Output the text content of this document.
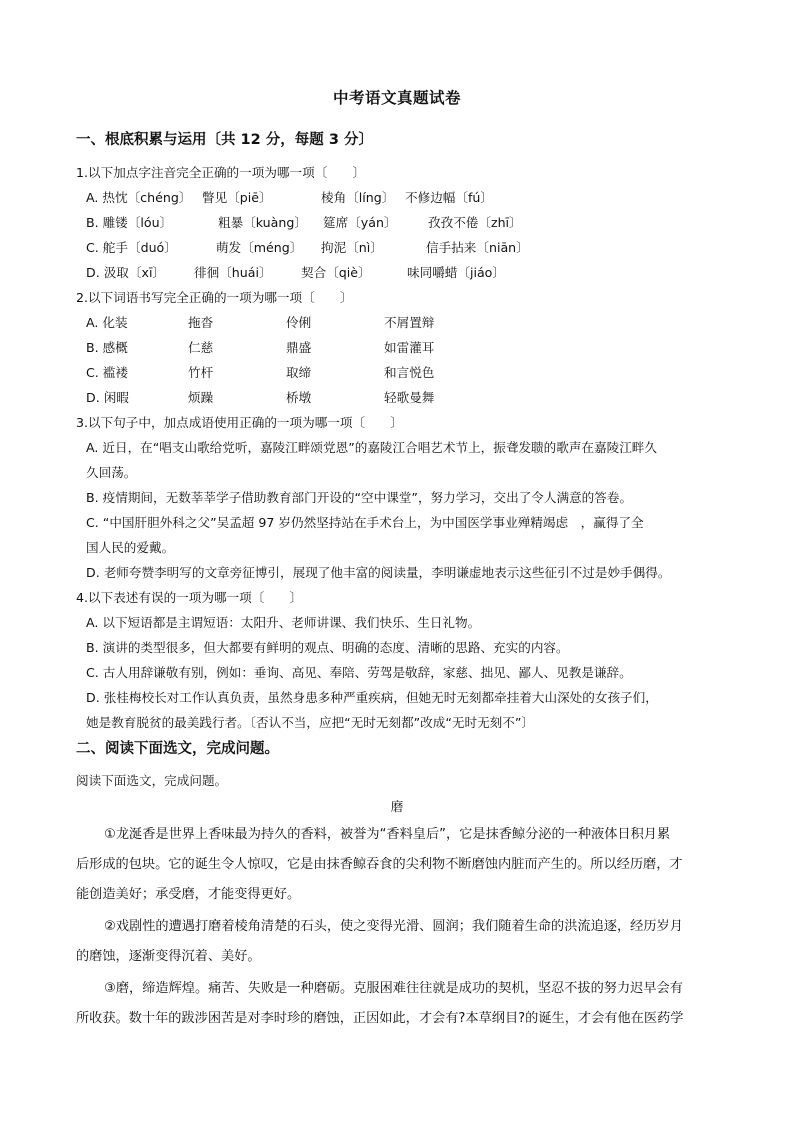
中考语文真题试卷
一、根底积累与运用〔共 12 分，每题 3 分〕
1.以下加点字注音完全正确的一项为哪一项〔　　〕
A. 热忱〔chéng〕 瞥见〔piē〕	棱角〔líng〕 不修边幅〔fú〕
B. 雕镂〔lóu〕	粗暴〔kuàng〕 筵席〔yán〕 孜孜不倦〔zhī〕
C. 舵手〔duó〕	萌发〔méng〕 拘泥〔nì〕	信手拈来〔niān〕
D. 汲取〔xī〕 徘徊〔huái〕 契合〔qiè〕	味同嚼蜡〔jiáo〕
2.以下词语书写完全正确的一项为哪一项〔　　〕
A. 化装	拖沓	伶俐	不屑置辩
B. 感概	仁慈	鼎盛	如雷灌耳
C. 褴褛	竹杆	取缔	和言悦色
D. 闲暇	烦躁	桥墩	轻歌曼舞
3.以下句子中，加点成语使用正确的一项为哪一项〔　　〕
A. 近日，在“唱支山歌给党听，嘉陵江畔颂党恩”的嘉陵江合唱艺术节上，振聋发聩的歌声在嘉陵江畔久
久回荡。
B. 疫情期间，无数莘莘学子借助教育部门开设的“空中课堂”，努力学习，交出了令人满意的答卷。
C. “中国肝胆外科之父”吴孟超 97 岁仍然坚持站在手术台上，为中国医学事业殚精竭虑　，赢得了全
国人民的爱戴。
D. 老师夸赞李明写的文章旁征博引，展现了他丰富的阅读量，李明谦虚地表示这些征引不过是妙手偶得。
4.以下表述有误的一项为哪一项〔　　〕
A. 以下短语都是主谓短语：太阳升、老师讲课、我们快乐、生日礼物。
B. 演讲的类型很多，但大都要有鲜明的观点、明确的态度、清晰的思路、充实的内容。
C. 古人用辞谦敬有别，例如：垂询、高见、奉陪、劳驾是敬辞，家慈、拙见、鄙人、见教是谦辞。
D. 张桂梅校长对工作认真负责，虽然身患多种严重疾病，但她无时无刻都牵挂着大山深处的女孩子们，
她是教育脱贫的最美践行者。〔否认不当，应把“无时无刻都”改成“无时无刻不”〕
二、阅读下面选文，完成问题。
阅读下面选文，完成问题。
磨
①龙涎香是世界上香味最为持久的香料，被誉为“香料皇后”，它是抹香鲸分泌的一种液体日积月累
后形成的包块。它的诞生令人惊叹，它是由抹香鲸吞食的尖利物不断磨蚀内脏而产生的。所以经历磨，才
能创造美好；承受磨，才能变得更好。
②戏剧性的遭遇打磨着棱角清楚的石头，使之变得光滑、圆润；我们随着生命的洪流追逐，经历岁月
的磨蚀，逐渐变得沉着、美好。
③磨，缔造辉煌。痛苦、失败是一种磨砺。克服困难往往就是成功的契机，坚忍不拔的努力迟早会有
所收获。数十年的跋涉困苦是对李时珍的磨蚀，正因如此，才会有?本草纲目?的诞生，才会有他在医药学
